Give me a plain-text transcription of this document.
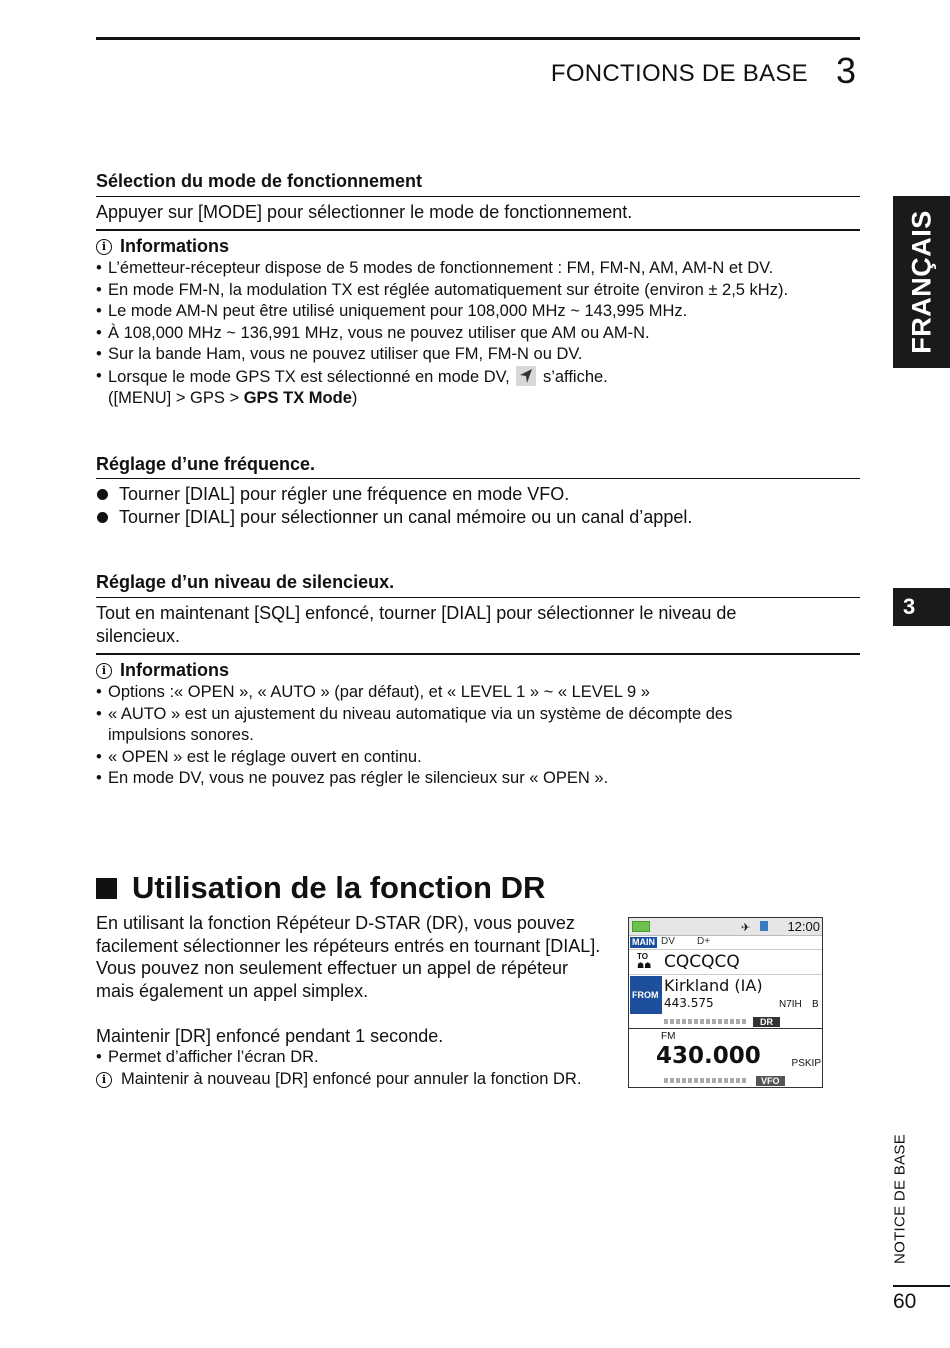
FONCTIONS DE BASE 3
FRANÇAIS
3
NOTICE DE BASE
60
Sélection du mode de fonctionnement
Appuyer sur [MODE] pour sélectionner le mode de fonctionnement.
i Informations
• L’émetteur-récepteur dispose de 5 modes de fonctionnement : FM, FM-N, AM, AM-N et DV.
• En mode FM-N, la modulation TX est réglée automatiquement sur étroite (environ ± 2,5 kHz).
• Le mode AM-N peut être utilisé uniquement pour 108,000 MHz ~ 143,995 MHz.
• À 108,000 MHz ~ 136,991 MHz, vous ne pouvez utiliser que AM ou AM-N.
• Sur la bande Ham, vous ne pouvez utiliser que FM, FM-N ou DV.
• Lorsque le mode GPS TX est sélectionné en mode DV, s’affiche.
([MENU] > GPS > GPS TX Mode)
Réglage d’une fréquence.
Tourner [DIAL] pour régler une fréquence en mode VFO.
Tourner [DIAL] pour sélectionner un canal mémoire ou un canal d’appel.
Réglage d’un niveau de silencieux.
Tout en maintenant [SQL] enfoncé, tourner [DIAL] pour sélectionner le niveau de silencieux.
i Informations
• Options :« OPEN », « AUTO » (par défaut), et « LEVEL 1 » ~ « LEVEL 9 »
• « AUTO » est un ajustement du niveau automatique via un système de décompte des
impulsions sonores.
• « OPEN » est le réglage ouvert en continu.
• En mode DV, vous ne pouvez pas régler le silencieux sur « OPEN ».
Utilisation de la fonction DR
En utilisant la fonction Répéteur D-STAR (DR), vous pouvez facilement sélectionner les répéteurs entrés en tournant [DIAL]. Vous pouvez non seulement effectuer un appel de répéteur mais également un appel simplex.
Maintenir [DR] enfoncé pendant 1 seconde.
• Permet d’afficher l’écran DR.
i Maintenir à nouveau [DR] enfoncé pour annuler la fonction DR.
✈	12:00
MAIN DV D+
TO
☗☗ CQCQCQ
FROM Kirkland (IA)
443.575	N7IH B
DR
FM
430.000	PSKIP
VFO
